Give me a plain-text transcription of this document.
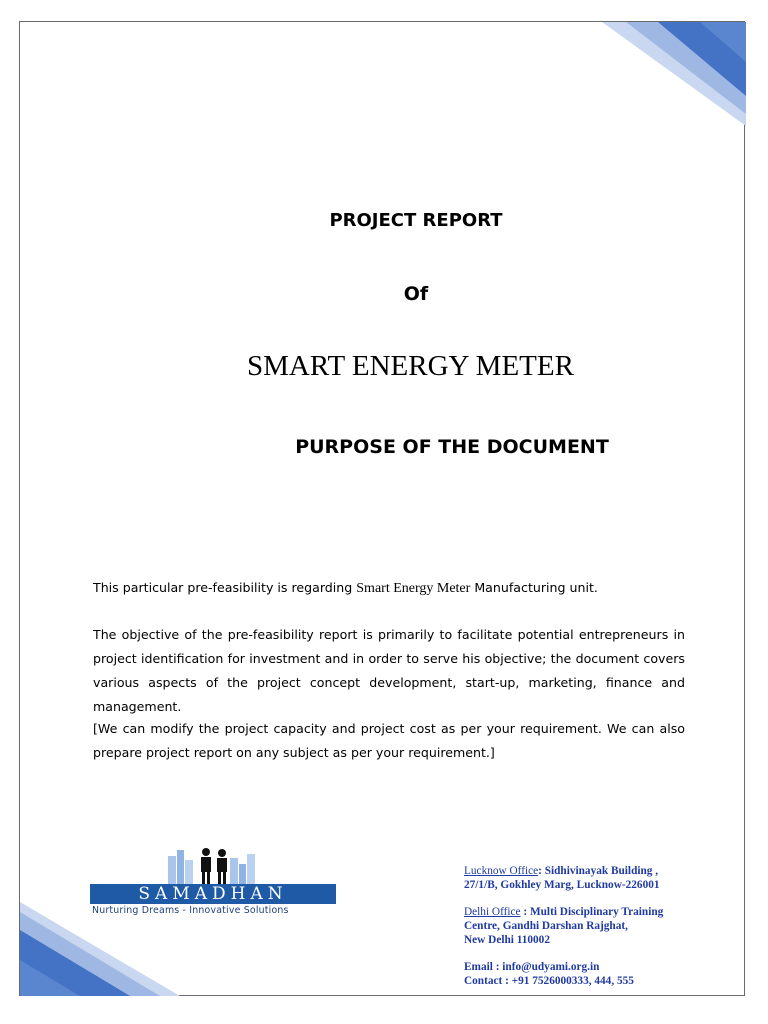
PROJECT REPORT
Of
SMART ENERGY METER
PURPOSE OF THE DOCUMENT
This particular pre-feasibility is regarding Smart Energy Meter Manufacturing unit.
The objective of the pre-feasibility report is primarily to facilitate potential entrepreneurs in project identification for investment and in order to serve his objective; the document covers various aspects of the project concept development, start-up, marketing, finance and management.
[We can modify the project capacity and project cost as per your requirement. We can also prepare project report on any subject as per your requirement.]
SAMADHAN
Nurturing Dreams - Innovative Solutions
Lucknow Office: Sidhivinayak Building ,
27/1/B, Gokhley Marg, Lucknow-226001
Delhi Office : Multi Disciplinary Training
Centre, Gandhi Darshan Rajghat,
New Delhi 110002
Email : info@udyami.org.in
Contact : +91 7526000333, 444, 555
